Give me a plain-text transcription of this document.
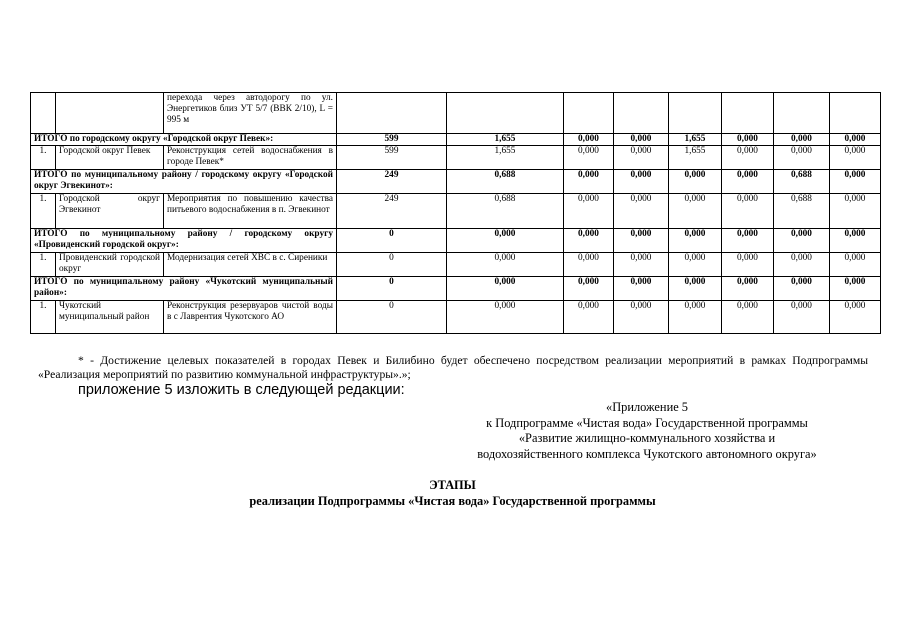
		перехода через автодорогу по ул. Энергетиков близ УТ 5/7 (ВВК 2/10), L = 995 м								
ИТОГО по городскому округу «Городской округ Певек»:			599	1,655	0,000	0,000	1,655	0,000	0,000	0,000
1.	Городской округ Певек	Реконструкция сетей водоснабжения в городе Певек*	599	1,655	0,000	0,000	1,655	0,000	0,000	0,000
ИТОГО по муниципальному району / городскому округу «Городской округ Эгвекинот»:			249	0,688	0,000	0,000	0,000	0,000	0,688	0,000
1.	Городской округ Эгвекинот	Мероприятия по повышению качества питьевого водоснабжения в п. Эгвекинот	249	0,688	0,000	0,000	0,000	0,000	0,688	0,000
ИТОГО по муниципальному району / городскому округу «Провиденский городской округ»:			0	0,000	0,000	0,000	0,000	0,000	0,000	0,000
1.	Провиденский городской округ	Модернизация сетей ХВС в с. Сиреники	0	0,000	0,000	0,000	0,000	0,000	0,000	0,000
ИТОГО по муниципальному району «Чукотский муниципальный район»:			0	0,000	0,000	0,000	0,000	0,000	0,000	0,000
1.	Чукотский муниципальный район	Реконструкция резервуаров чистой воды в с Лаврентия Чукотского АО	0	0,000	0,000	0,000	0,000	0,000	0,000	0,000

* - Достижение целевых показателей в городах Певек и Билибино будет обеспечено посредством реализации мероприятий в рамках Подпрограммы «Реализация мероприятий по развитию коммунальной инфраструктуры».»;

приложение 5 изложить в следующей редакции:
«Приложение 5
к Подпрограмме «Чистая вода» Государственной программы
«Развитие жилищно-коммунального хозяйства и
водохозяйственного комплекса Чукотского автономного округа»
ЭТАПЫ
реализации Подпрограммы «Чистая вода» Государственной программы
